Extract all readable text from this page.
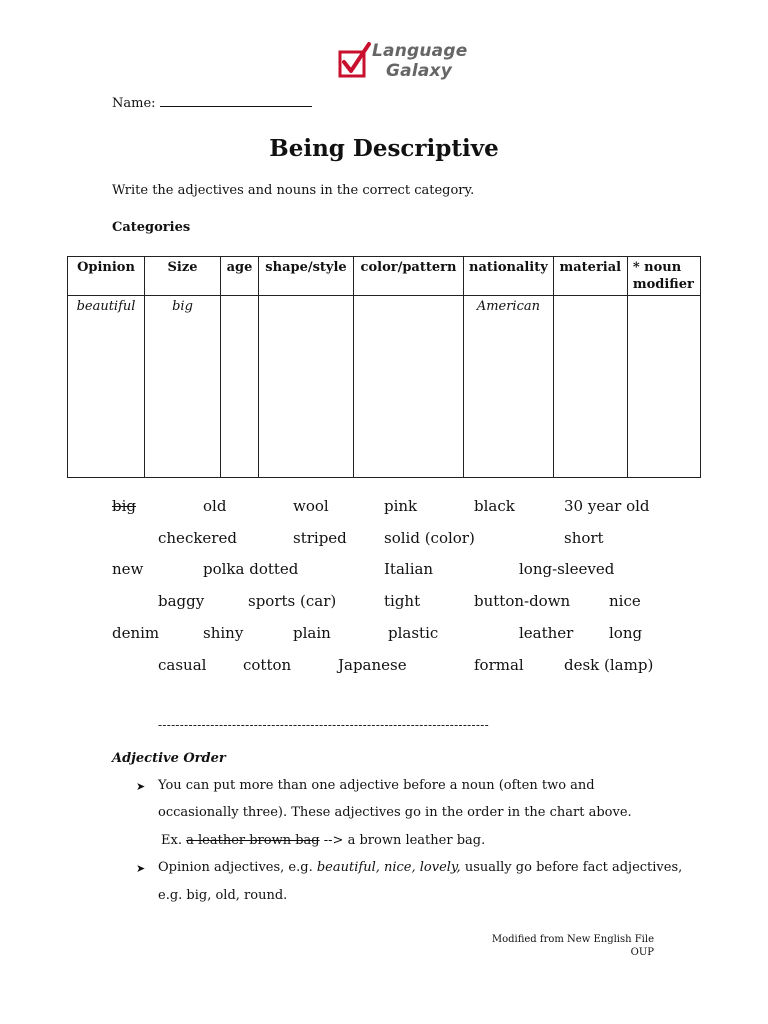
Language
Galaxy
Name:
Being Descriptive
Write the adjectives and nouns in the correct category.
Categories
Opinion	Size	age	shape/style	color/pattern	nationality	material	* noun modifier
beautiful	big				American		
big	old	wool	pink	black	30 year old
checkered	striped solid (color)	short
new	polka dotted	Italian	long-sleeved
baggy	sports (car)	tight	button-down	nice
denim	shiny	plain	plastic	leather long
casual cotton	Japanese	formal	desk (lamp)
----------------------------------------------------------------------------
Adjective Order
➤ You can put more than one adjective before a noun (often two and
occasionally three). These adjectives go in the order in the chart above.
Ex. a leather brown bag --> a brown leather bag.
➤ Opinion adjectives, e.g. beautiful, nice, lovely, usually go before fact adjectives,
e.g. big, old, round.
Modified from New English File
OUP
